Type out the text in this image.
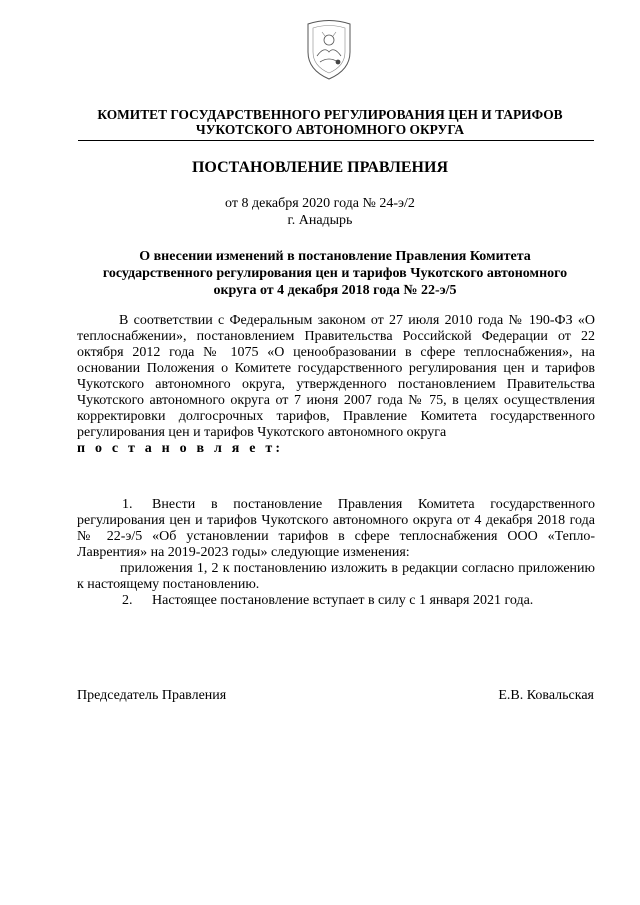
КОМИТЕТ ГОСУДАРСТВЕННОГО РЕГУЛИРОВАНИЯ ЦЕН И ТАРИФОВ
ЧУКОТСКОГО АВТОНОМНОГО ОКРУГА
ПОСТАНОВЛЕНИЕ ПРАВЛЕНИЯ
от 8 декабря 2020 года № 24-э/2
г. Анадырь
О внесении изменений в постановление Правления Комитета
государственного регулирования цен и тарифов Чукотского автономного
округа от 4 декабря 2018 года № 22-э/5

В соответствии с Федеральным законом от 27 июля 2010 года № 190-ФЗ «О теплоснабжении», постановлением Правительства Российской Федерации от 22 октября 2012 года № 1075 «О ценообразовании в сфере теплоснабжения», на основании Положения о Комитете государственного регулирования цен и тарифов Чукотского автономного округа, утвержденного постановлением Правительства Чукотского автономного округа от 7 июня 2007 года № 75, в целях осуществления корректировки долгосрочных тарифов, Правление Комитета государственного регулирования цен и тарифов Чукотского автономного округа

п о с т а н о в л я е т:

1. Внести в постановление Правления Комитета государственного регулирования цен и тарифов Чукотского автономного округа от 4 декабря 2018 года № 22-э/5 «Об установлении тарифов в сфере теплоснабжения ООО «Тепло-Лаврентия» на 2019-2023 годы» следующие изменения:

приложения 1, 2 к постановлению изложить в редакции согласно приложению к настоящему постановлению.

2. Настоящее постановление вступает в силу с 1 января 2021 года.

Председатель Правления	Е.В. Ковальская
